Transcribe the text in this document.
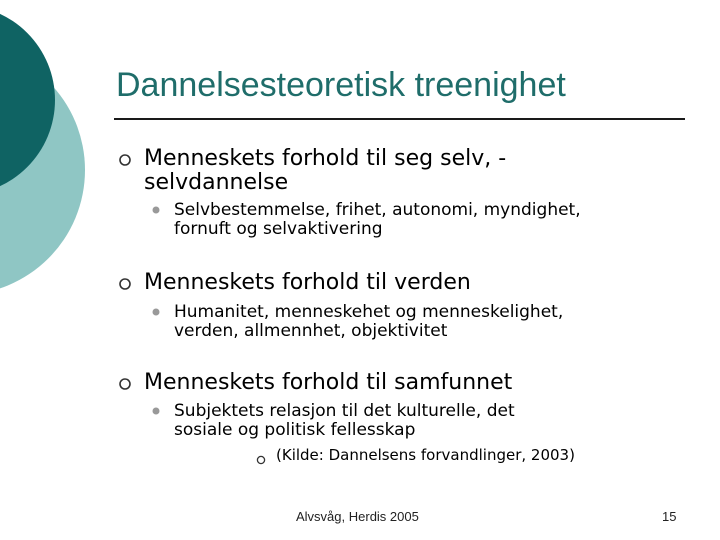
Dannelsesteoretisk treenighet
Menneskets forhold til seg selv, -
selvdannelse
Selvbestemmelse, frihet, autonomi, myndighet,
fornuft og selvaktivering
Menneskets forhold til verden
Humanitet, menneskehet og menneskelighet,
verden, allmennhet, objektivitet
Menneskets forhold til samfunnet
Subjektets relasjon til det kulturelle, det
sosiale og politisk fellesskap
(Kilde: Dannelsens forvandlinger, 2003)
Alvsvåg, Herdis 2005	15
